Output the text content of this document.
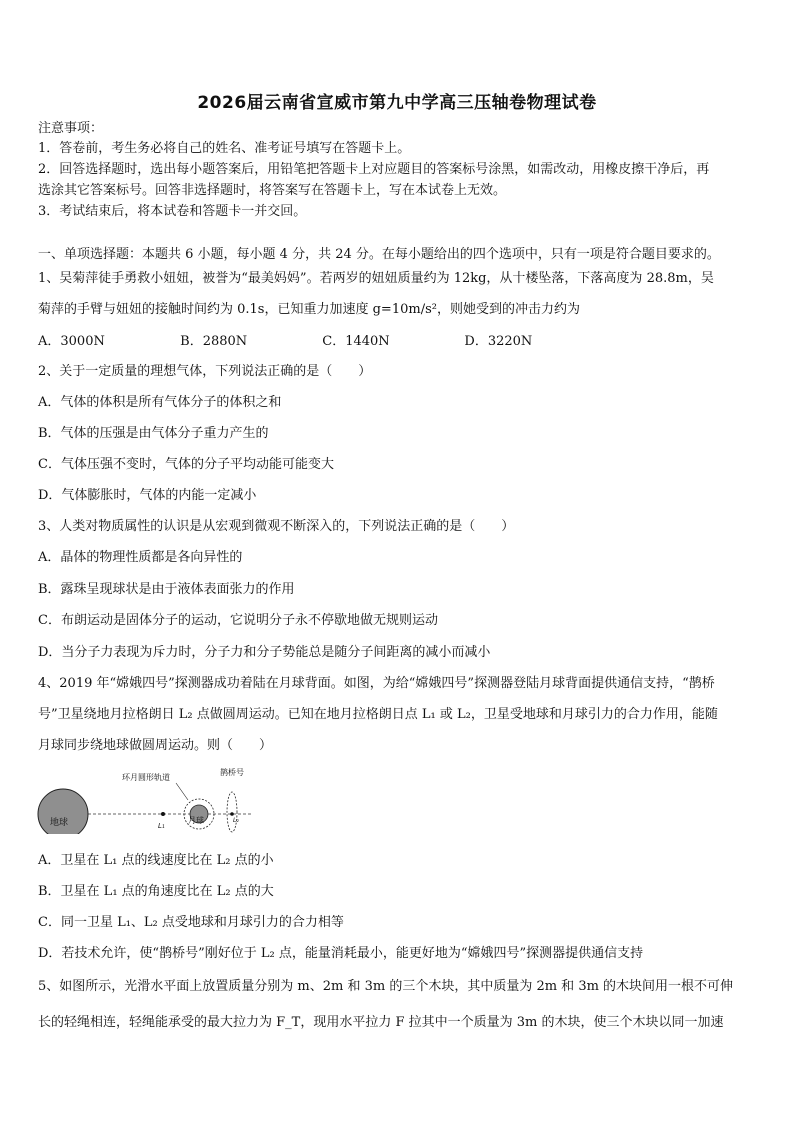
2026届云南省宣威市第九中学高三压轴卷物理试卷
注意事项：
1．答卷前，考生务必将自己的姓名、准考证号填写在答题卡上。
2．回答选择题时，选出每小题答案后，用铅笔把答题卡上对应题目的答案标号涂黑，如需改动，用橡皮擦干净后，再
选涂其它答案标号。回答非选择题时，将答案写在答题卡上，写在本试卷上无效。
3．考试结束后，将本试卷和答题卡一并交回。
一、单项选择题：本题共 6 小题，每小题 4 分，共 24 分。在每小题给出的四个选项中，只有一项是符合题目要求的。
1、吴菊萍徒手勇救小妞妞，被誉为“最美妈妈”。若两岁的妞妞质量约为 12kg，从十楼坠落，下落高度为 28.8m，吴
菊萍的手臂与妞妞的接触时间约为 0.1s，已知重力加速度 g=10m/s²，则她受到的冲击力约为
A．3000N	B．2880N	C．1440N	D．3220N
2、关于一定质量的理想气体，下列说法正确的是（　　）
A．气体的体积是所有气体分子的体积之和
B．气体的压强是由气体分子重力产生的
C．气体压强不变时，气体的分子平均动能可能变大
D．气体膨胀时，气体的内能一定减小
3、人类对物质属性的认识是从宏观到微观不断深入的，下列说法正确的是（　　）
A．晶体的物理性质都是各向异性的
B．露珠呈现球状是由于液体表面张力的作用
C．布朗运动是固体分子的运动，它说明分子永不停歇地做无规则运动
D．当分子力表现为斥力时，分子力和分子势能总是随分子间距离的减小而减小
4、2019 年“嫦娥四号”探测器成功着陆在月球背面。如图，为给“嫦娥四号”探测器登陆月球背面提供通信支持，“鹊桥
号”卫星绕地月拉格朗日 L₂ 点做圆周运动。已知在地月拉格朗日点 L₁ 或 L₂，卫星受地球和月球引力的合力作用，能随
月球同步绕地球做圆周运动。则（　　）
地球	L₁
月球
环月圆形轨道
L₂
鹊桥号
A．卫星在 L₁ 点的线速度比在 L₂ 点的小
B．卫星在 L₁ 点的角速度比在 L₂ 点的大
C．同一卫星 L₁、L₂ 点受地球和月球引力的合力相等
D．若技术允许，使“鹊桥号”刚好位于 L₂ 点，能量消耗最小，能更好地为“嫦娥四号”探测器提供通信支持
5、如图所示，光滑水平面上放置质量分别为 m、2m 和 3m 的三个木块，其中质量为 2m 和 3m 的木块间用一根不可伸
长的轻绳相连，轻绳能承受的最大拉力为 F_T，现用水平拉力 F 拉其中一个质量为 3m 的木块，使三个木块以同一加速
